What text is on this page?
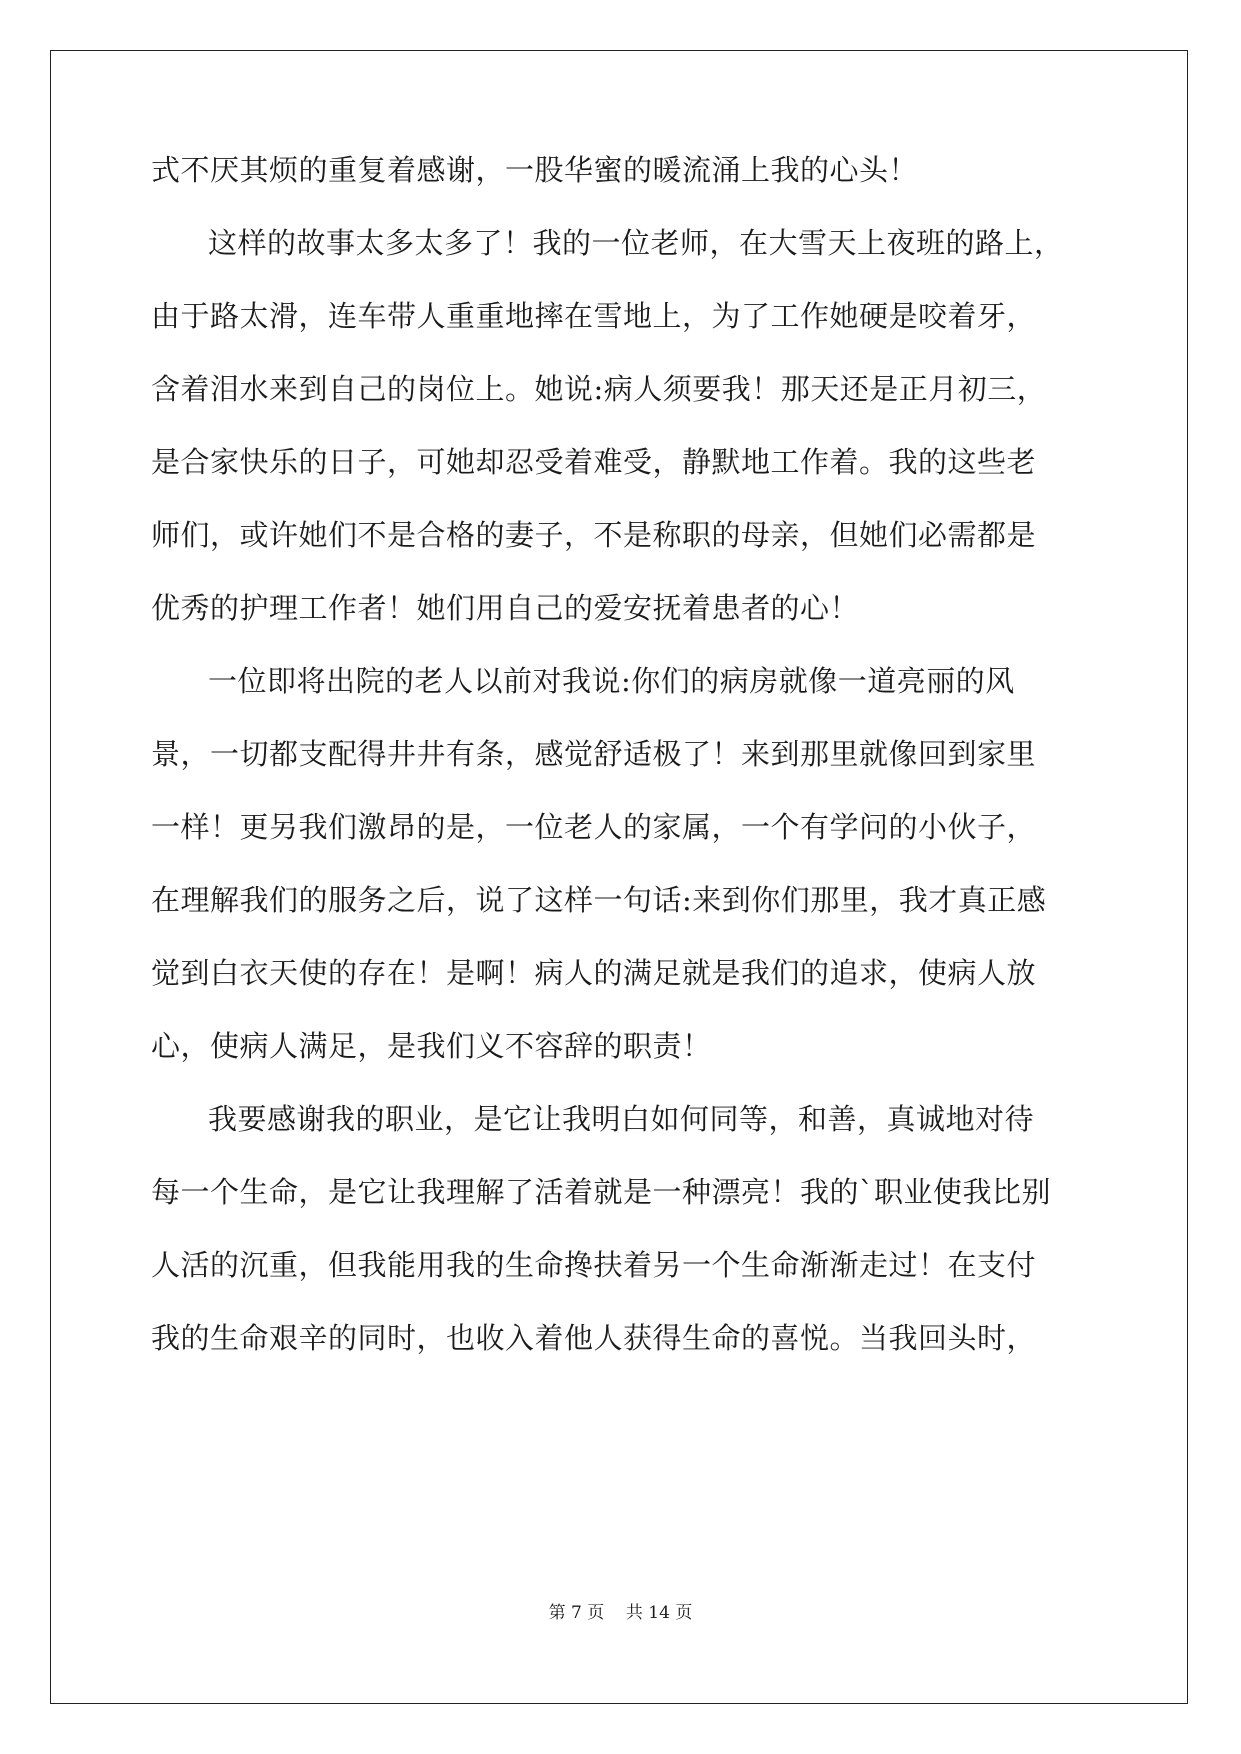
式不厌其烦的重复着感谢，一股华蜜的暖流涌上我的心头！
这样的故事太多太多了！我的一位老师，在大雪天上夜班的路上，
由于路太滑，连车带人重重地摔在雪地上，为了工作她硬是咬着牙，
含着泪水来到自己的岗位上。她说:病人须要我！那天还是正月初三，
是合家快乐的日子，可她却忍受着难受，静默地工作着。我的这些老
师们，或许她们不是合格的妻子，不是称职的母亲，但她们必需都是
优秀的护理工作者！她们用自己的爱安抚着患者的心！
一位即将出院的老人以前对我说:你们的病房就像一道亮丽的风
景，一切都支配得井井有条，感觉舒适极了！来到那里就像回到家里
一样！更另我们激昂的是，一位老人的家属，一个有学问的小伙子，
在理解我们的服务之后，说了这样一句话:来到你们那里，我才真正感
觉到白衣天使的存在！是啊！病人的满足就是我们的追求，使病人放
心，使病人满足，是我们义不容辞的职责！
我要感谢我的职业，是它让我明白如何同等，和善，真诚地对待
每一个生命，是它让我理解了活着就是一种漂亮！我的`职业使我比别
人活的沉重，但我能用我的生命搀扶着另一个生命渐渐走过！在支付
我的生命艰辛的同时，也收入着他人获得生命的喜悦。当我回头时，
第 7 页    共 14 页
